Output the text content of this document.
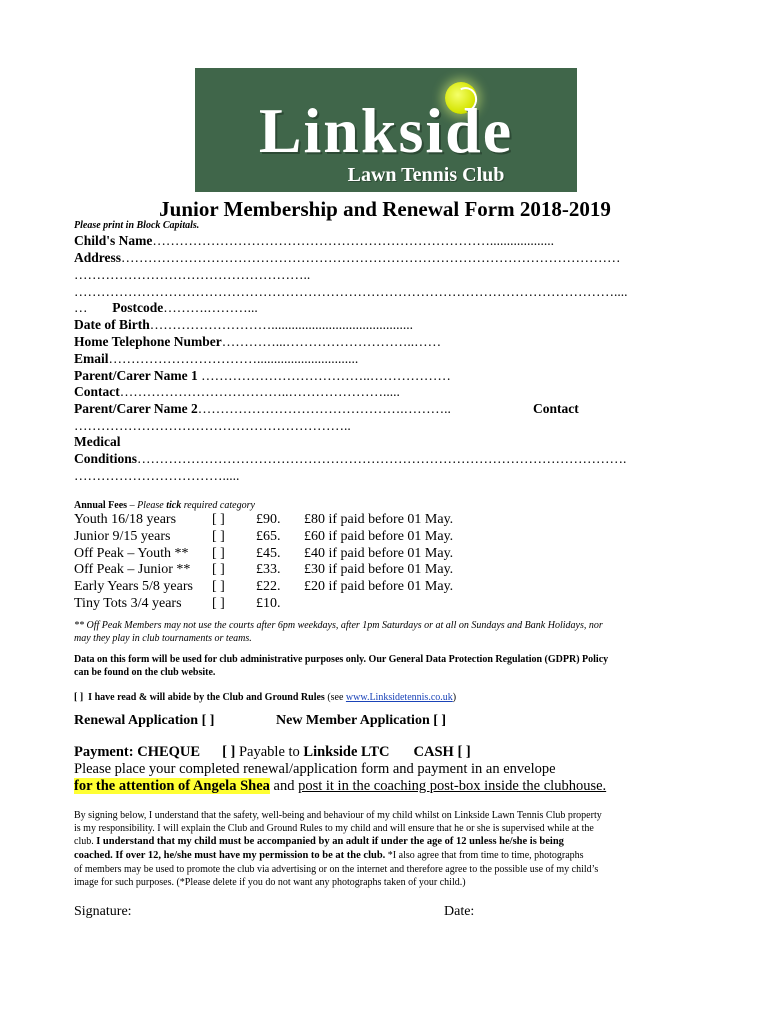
Linkside
Lawn Tennis Club
Junior Membership and Renewal Form 2018-2019
Please print in Block Capitals.
Child's Name…………………………………………………………………...................
Address…………………………………………………………………………………………………
……………………………………………..
…………………………………………………………………………………………………………....
… Postcode……….………...
Date of Birth………………………..........................................
Home Telephone Number…………...………………………..……
Email……………………………..............................
Parent/Carer Name 1 ………………………………..………………
Contact………………………………..………………….....
Parent/Carer Name 2……………………………………….………..	Contact
……………………………………………………..
Medical
Conditions……………………………………………………………………………………………….
…………………………….....
Annual Fees – Please tick required category
Youth 16/18 years	[ ] £90. £80 if paid before 01 May.
Junior 9/15 years	[ ] £65. £60 if paid before 01 May.
Off Peak – Youth ** [ ] £45. £40 if paid before 01 May.
Off Peak – Junior ** [ ] £33. £30 if paid before 01 May.
Early Years 5/8 years [ ] £22. £20 if paid before 01 May.
Tiny Tots 3/4 years [ ] £10.
** Off Peak Members may not use the courts after 6pm weekdays, after 1pm Saturdays or at all on Sundays and Bank Holidays, nor
may they play in club tournaments or teams.
Data on this form will be used for club administrative purposes only. Our General Data Protection Regulation (GDPR) Policy
can be found on the club website.
[ ] I have read & will abide by the Club and Ground Rules (see www.Linksidetennis.co.uk)
Renewal Application [ ]	New Member Application [ ]
Payment: CHEQUE [ ] Payable to Linkside LTC CASH [ ]
Please place your completed renewal/application form and payment in an envelope
for the attention of Angela Shea and post it in the coaching post-box inside the clubhouse.
By signing below, I understand that the safety, well-being and behaviour of my child whilst on Linkside Lawn Tennis Club property
is my responsibility. I will explain the Club and Ground Rules to my child and will ensure that he or she is supervised while at the
club. I understand that my child must be accompanied by an adult if under the age of 12 unless he/she is being
coached. If over 12, he/she must have my permission to be at the club. *I also agree that from time to time, photographs
of members may be used to promote the club via advertising or on the internet and therefore agree to the possible use of my child’s
image for such purposes. (*Please delete if you do not want any photographs taken of your child.)
Signature:	Date:
